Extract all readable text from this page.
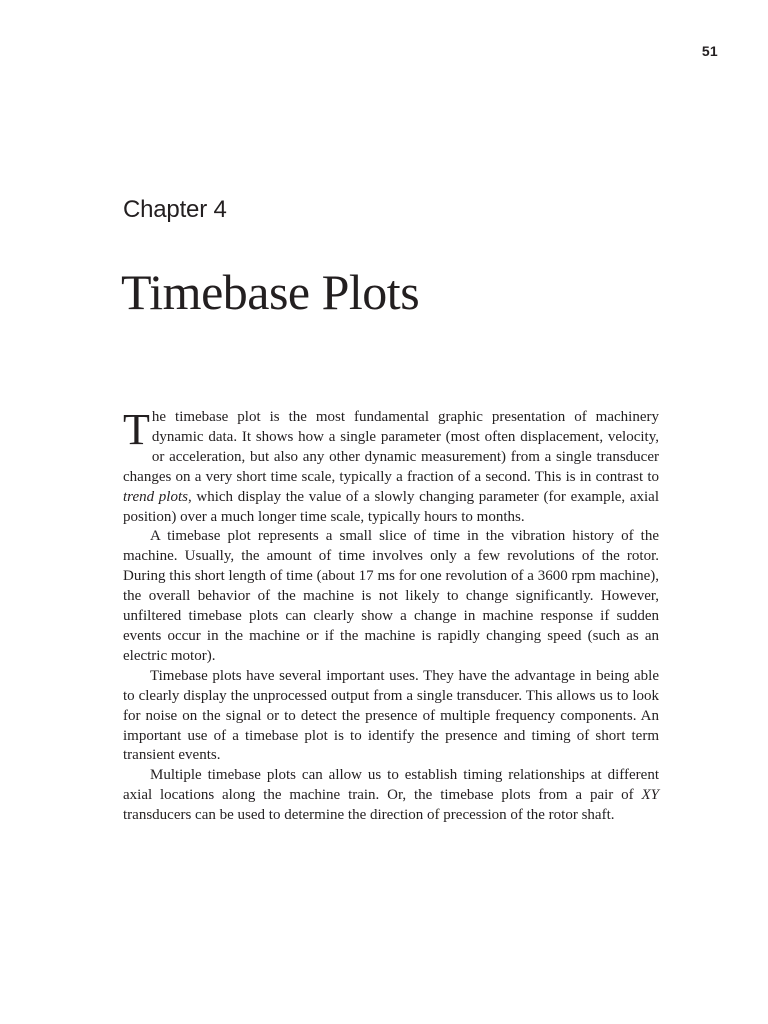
51
Chapter 4
Timebase Plots

The timebase plot is the most fundamental graphic presentation of machinery dynamic data. It shows how a single parameter (most often displacement, velocity, or acceleration, but also any other dynamic measurement) from a single transducer changes on a very short time scale, typically a fraction of a second. This is in contrast to trend plots, which display the value of a slowly changing parameter (for example, axial position) over a much longer time scale, typically hours to months.

A timebase plot represents a small slice of time in the vibration history of the machine. Usually, the amount of time involves only a few revolutions of the rotor. During this short length of time (about 17 ms for one revolution of a 3600 rpm machine), the overall behavior of the machine is not likely to change significantly. However, unfiltered timebase plots can clearly show a change in machine response if sudden events occur in the machine or if the machine is rapidly changing speed (such as an electric motor).

Timebase plots have several important uses. They have the advantage in being able to clearly display the unprocessed output from a single transducer. This allows us to look for noise on the signal or to detect the presence of multiple frequency components. An important use of a timebase plot is to identify the presence and timing of short term transient events.

Multiple timebase plots can allow us to establish timing relationships at different axial locations along the machine train. Or, the timebase plots from a pair of XY transducers can be used to determine the direction of precession of the rotor shaft.
